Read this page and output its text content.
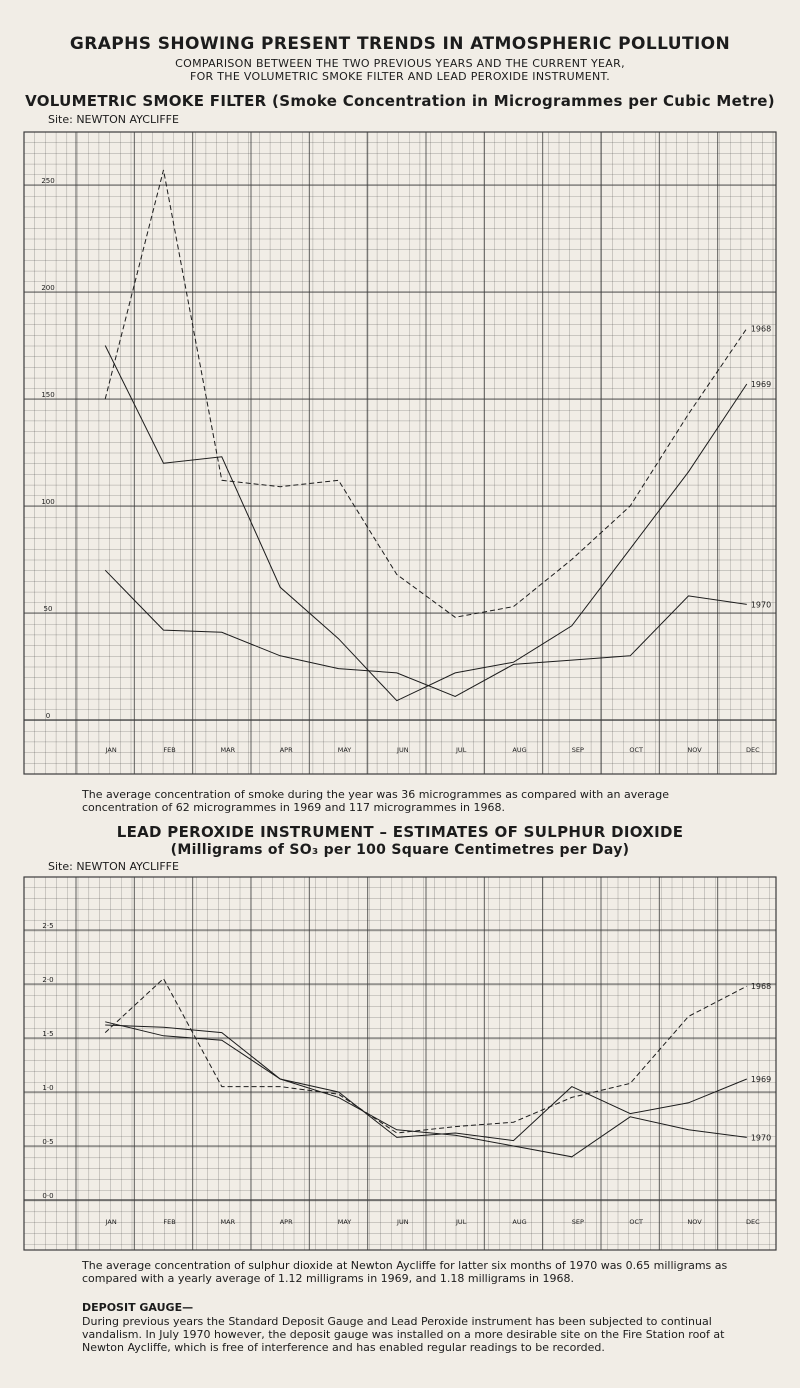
GRAPHS SHOWING PRESENT TRENDS IN ATMOSPHERIC POLLUTION
COMPARISON BETWEEN THE TWO PREVIOUS YEARS AND THE CURRENT YEAR,
FOR THE VOLUMETRIC SMOKE FILTER AND LEAD PEROXIDE INSTRUMENT.
VOLUMETRIC SMOKE FILTER (Smoke Concentration in Microgrammes per Cubic Metre)
Site: NEWTON AYCLIFFE
0
50
100
150
200
250
JAN	FEB	MAR	APR	MAY	JUN	JUL	AUG	SEP	OCT	NOV	DEC
1968
1969
1970
The average concentration of smoke during the year was 36 microgrammes as compared with an average concentration of 62 microgrammes in 1969 and 117 microgrammes in 1968.
LEAD PEROXIDE INSTRUMENT – ESTIMATES OF SULPHUR DIOXIDE
(Milligrams of SO₃ per 100 Square Centimetres per Day)
Site: NEWTON AYCLIFFE
0·0
0·5
1·0
1·5
2·0
2·5
JAN	FEB	MAR	APR	MAY	JUN	JUL	AUG	SEP	OCT	NOV	DEC
1968
1969
1970
The average concentration of sulphur dioxide at Newton Aycliffe for latter six months of 1970 was 0.65 milligrams as compared with a yearly average of 1.12 milligrams in 1969, and 1.18 milligrams in 1968.
DEPOSIT GAUGE—
During previous years the Standard Deposit Gauge and Lead Peroxide instrument has been subjected to continual vandalism. In July 1970 however, the deposit gauge was installed on a more desirable site on the Fire Station roof at Newton Aycliffe, which is free of interference and has enabled regular readings to be recorded.
